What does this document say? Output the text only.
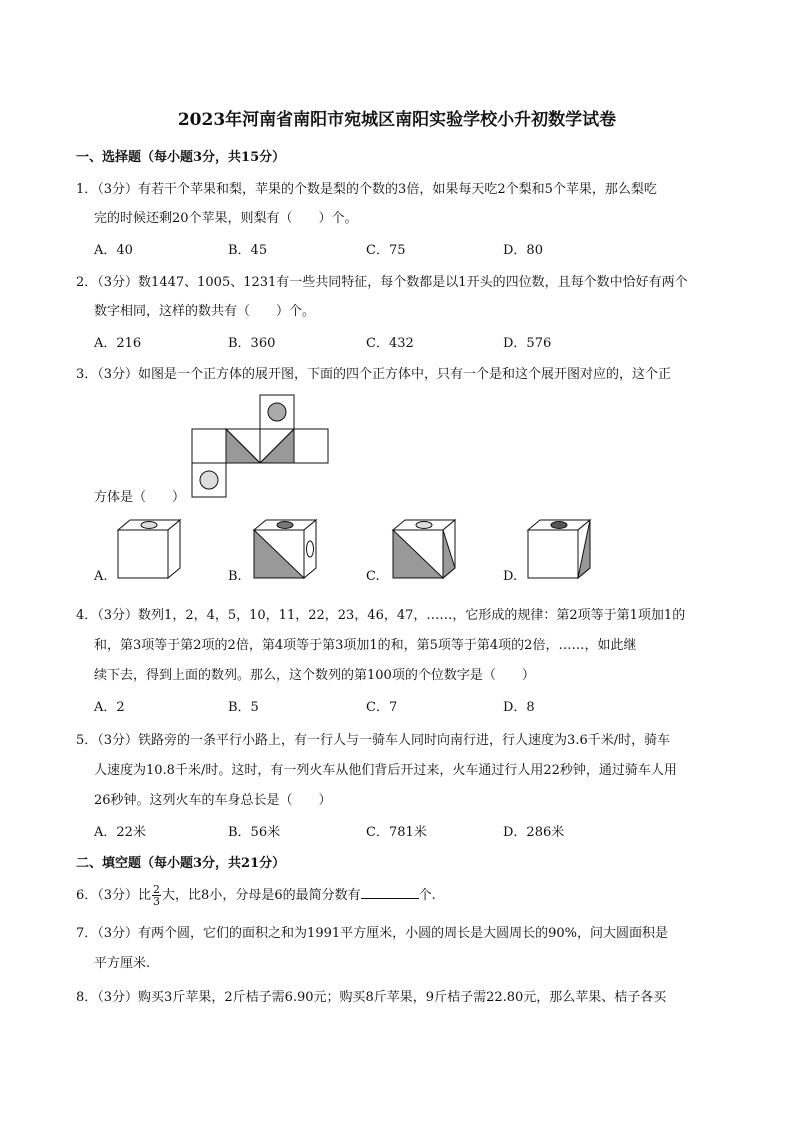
2023年河南省南阳市宛城区南阳实验学校小升初数学试卷
一、选择题（每小题3分，共15分）
1．（3分）有若干个苹果和梨，苹果的个数是梨的个数的3倍，如果每天吃2个梨和5个苹果，那么梨吃
完的时候还剩20个苹果，则梨有（　　）个。
A．40	B．45	C．75	D．80
2．（3分）数1447、1005、1231有一些共同特征，每个数都是以1开头的四位数，且每个数中恰好有两个
数字相同，这样的数共有（　　）个。
A．216	B．360	C．432	D．576
3．（3分）如图是一个正方体的展开图，下面的四个正方体中，只有一个是和这个展开图对应的，这个正
方体是（　　）
A.	B.	C.	D.
4．（3分）数列1，2，4，5，10，11，22，23，46，47，……，它形成的规律：第2项等于第1项加1的
和，第3项等于第2项的2倍，第4项等于第3项加1的和，第5项等于第4项的2倍，……，如此继
续下去，得到上面的数列。那么，这个数列的第100项的个位数字是（　　）
A．2	B．5	C．7	D．8
5．（3分）铁路旁的一条平行小路上，有一行人与一骑车人同时向南行进，行人速度为3.6千米/时，骑车
人速度为10.8千米/时。这时，有一列火车从他们背后开过来，火车通过行人用22秒钟，通过骑车人用
26秒钟。这列火车的车身总长是（　　）
A．22米	B．56米	C．781米	D．286米
二、填空题（每小题3分，共21分）
6．（3分）比 $\frac{2}{3}$ 大，比8小，分母是6的最简分数有	个.
7．（3分）有两个圆，它们的面积之和为1991平方厘米，小圆的周长是大圆周长的90%，问大圆面积是
平方厘米.
8．（3分）购买3斤苹果，2斤桔子需6.90元；购买8斤苹果，9斤桔子需22.80元，那么苹果、桔子各买
